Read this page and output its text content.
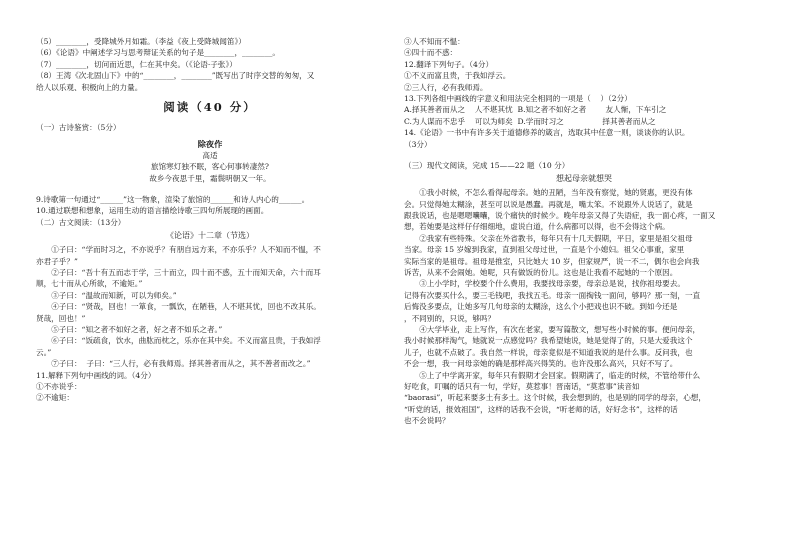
（5）________，受降城外月如霜。（李益《夜上受降城闻笛》）
（6）《论语》中阐述学习与思考辩证关系的句子是________，________。
（7）________，切问而近思，仁在其中矣。（《论语·子张》）
（8）王湾《次北固山下》中的“________，________”既写出了时序交替的匆匆，又
给人以乐观、积极向上的力量。
阅读（40 分）
（一）古诗鉴赏：（5分）
除夜作
高适
旅馆寒灯独不眠，客心何事转凄然?
故乡今夜思千里，霜鬓明朝又一年。
9.诗歌第一句通过“______”这一物象，渲染了旅馆的______和诗人内心的______。
10.通过联想和想象，运用生动的语言描绘诗歌三四句所展现的画面。
（二）古文阅读：（13分）
《论语》十二章（节选）
①子曰：“学而时习之，不亦说乎？有朋自远方来，不亦乐乎？人不知而不愠，不
亦君子乎？”
②子曰：“吾十有五而志于学，三十而立，四十而不惑，五十而知天命，六十而耳
顺，七十而从心所欲，不逾矩。”
③子曰：“温故而知新，可以为师矣。”
④子曰：“贤哉，回也！一箪食，一瓢饮，在陋巷，人不堪其忧，回也不改其乐。
贤哉，回也！”
⑤子曰：“知之者不如好之者，好之者不如乐之者。”
⑥子曰：“饭疏食，饮水，曲肱而枕之，乐亦在其中矣。不义而富且贵，于我如浮
云。”
⑦子曰：  子曰：“三人行，必有我师焉。择其善者而从之，其不善者而改之。”
11.解释下列句中画线的词。（4分）
①不亦说乎：
②不逾矩：
③人不知而不愠：
④四十而不惑：
12.翻译下列句子。（4分）
①不义而富且贵，于我如浮云。
②三人行，必有我师焉。
13.下列各组中画线的字意义和用法完全相同的一项是（    ）（2分）
A.择其善者而从之    人不堪其忧  B.知之者不如好之者        友人惭，下车引之
C.为人谋而不忠乎    可以为师矣  D.学而时习之                择其善者而从之
14.《论语》一书中有许多关于道德修养的箴言，选取其中任意一则，谈谈你的认识。
（3分）
（三）现代文阅读，完成 15——22 题（10 分）
想起母亲就想哭
①我小时候，不怎么看得起母亲。她的丑陋，当年没有察觉，她的贤惠，更没有体
会。只觉得她太糊涂，甚至可以说是愚蠢。再就是，嘴太笨。不说跟外人说话了，就是
跟我说话，也是嗯嗯囔囔，说个痛快的时候少。晚年母亲又得了失语症，我一面心疼，一面又
想，若她要是这样仔仔细细地，虚说白道，什么病都可以得，也不会得这个病。
②我家有些特殊。父亲在外省教书，每年只有十几天假期，平日，家里是祖父祖母
当家。母亲 15 岁嫁到我家，直到祖父母过世，一直是个小媳妇。祖父心事重，家里
实际当家的是祖母。祖母是推室，只比她大 10 岁，但家规严，说一不二，偶尔也会向我
诉苦，从来不会闹她。她呢，只有做饭的份儿。这也是让我看不起她的一个原因。
③上小学时，学校要个什么费用，我要找母亲要，母亲总是说，找你祖母要去。
记得有次要买什么，要三毛钱吧，我找五毛。母亲一面掏钱一面问，够吗？那一刻，一直
后悔没多要点，让她多写几句母亲的太糊涂，这么个小把戏也识不破。到如今还是
，不同别的，只说，够吗？
④大学毕业，走上写作，有次在老家，要写篇散文，想写些小时候的事。便问母亲，
我小时候那样淘气，她就说一点感觉吗？我希望她说，她是觉得了的，只是大爱我这个
儿子，也就不点破了。我自然一样说，母亲竟似是不知道我说的是什么事。反问我，也
不会一想，我一问母亲她的确是那样高兴得笑的。也许没那么高兴，只好不写了。
⑤上了中学离开家，每年只有假期才会回家。假期满了，临走的时候，不管给带什么
好吃食，叮嘱的话只有一句，学好，莫惹事！晋南话，“莫惹事”读音如
“baorasi”，听起来要多土有多土。这个时候，我会想到的，也是别的同学的母亲，心想，
“听党的话，报效祖国”，这样的话我不会说，“听老师的话，好好念书”，这样的话
也不会说吗？
